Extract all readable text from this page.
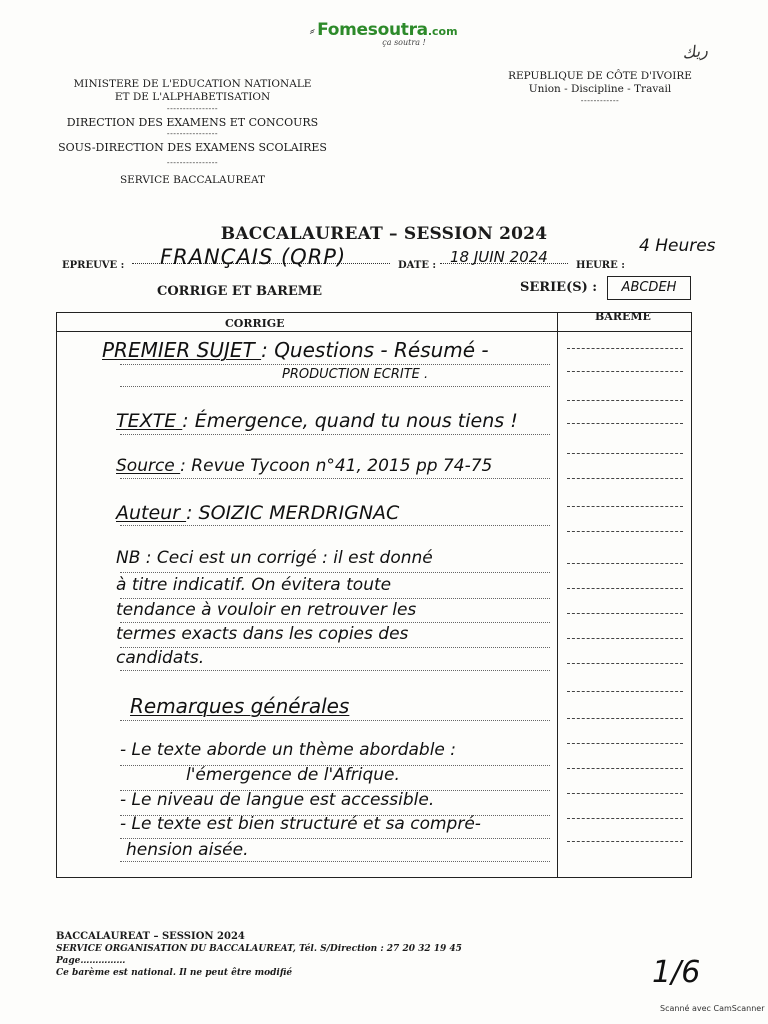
⸗Fomesoutra.com
ça soutra !	ريك
MINISTERE DE L'EDUCATION NATIONALE
ET DE L'ALPHABETISATION
----------------
DIRECTION DES EXAMENS ET CONCOURS
----------------
SOUS-DIRECTION DES EXAMENS SCOLAIRES
----------------
SERVICE BACCALAUREAT
REPUBLIQUE DE CÔTE D'IVOIRE
Union - Discipline - Travail
------------
BACCALAUREAT – SESSION 2024
EPREUVE : FRANÇAIS (QRP)	DATE : 18 JUIN 2024	HEURE :
4 Heures
CORRIGE ET BAREME	SERIE(S) :	ABCDEH
CORRIGE
BAREME
PREMIER SUJET : Questions - Résumé -
PRODUCTION ECRITE .
TEXTE : Émergence, quand tu nous tiens !
Source : Revue Tycoon n°41, 2015 pp 74-75
Auteur : SOIZIC MERDRIGNAC
NB : Ceci est un corrigé : il est donné
à titre indicatif. On évitera toute
tendance à vouloir en retrouver les
termes exacts dans les copies des
candidats.
Remarques générales
- Le texte aborde un thème abordable :
l'émergence de l'Afrique.
- Le niveau de langue est accessible.
- Le texte est bien structuré et sa compré-
hension aisée.
BACCALAUREAT – SESSION 2024
SERVICE ORGANISATION DU BACCALAUREAT, Tél. S/Direction : 27 20 32 19 45
Page……………
Ce barème est national. Il ne peut être modifié	1/6
Scanné avec CamScanner
